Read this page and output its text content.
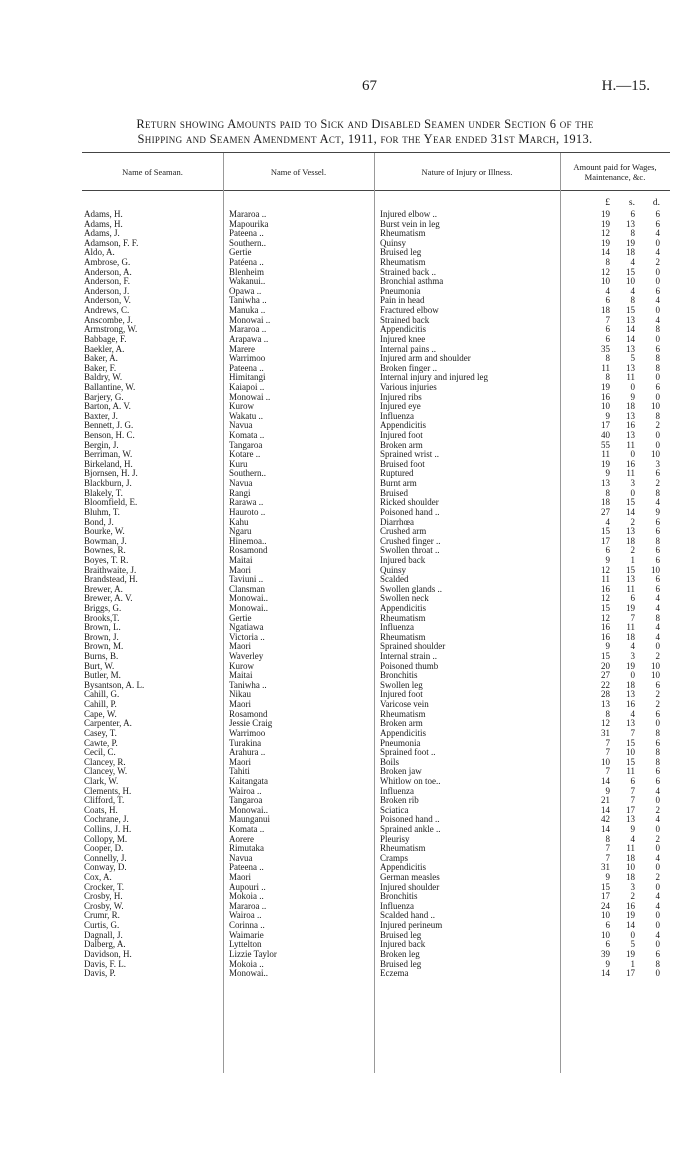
67	H.—15.
Return showing Amounts paid to Sick and Disabled Seamen under Section 6 of the
Shipping and Seamen Amendment Act, 1911, for the Year ended 31st March, 1913.
Name of Seaman.	Name of Vessel.	Nature of Injury or Illness.	Amount paid for Wages, Maintenance, &c.
£	s.	d.
Adams, H.	Mararoa ..	Injured elbow ..	19	6	6
Adams, H.	Mapourika	Burst vein in leg	19	13	6
Adams, J.	Pateena ..	Rheumatism	12	8	4
Adamson, F. F.	Southern..	Quinsy	19	19	0
Aldo, A.	Gertie	Bruised leg	14	18	4
Ambrose, G.	Patéena ..	Rheumatism	8	4	2
Anderson, A.	Blenheim	Strained back ..	12	15	0
Anderson, F.	Wakanui..	Bronchial asthma	10	10	0
Anderson, J.	Opawa ..	Pneumonia	4	4	6
Anderson, V.	Taniwha ..	Pain in head	6	8	4
Andrews, C.	Manuka ..	Fractured elbow	18	15	0
Anscombe, J.	Monowai ..	Strained back	7	13	4
Armstrong, W.	Mararoa ..	Appendicitis	6	14	8
Babbage, F.	Arapawa ..	Injured knee	6	14	0
Baekler, A.	Marere	Internal pains ..	35	13	6
Baker, A.	Warrimoo	Injured arm and shoulder	8	5	8
Baker, F.	Pateena ..	Broken finger ..	11	13	8
Baldry, W.	Himitangi	Internal injury and injured leg	8	11	0
Ballantine, W.	Kaiapoi ..	Various injuries	19	0	6
Barjery, G.	Monowai ..	Injured ribs	16	9	0
Barton, A. V.	Kurow	Injured eye	10	18	10
Baxter, J.	Wakatu ..	Influenza	9	13	8
Bennett, J. G.	Navua	Appendicitis	17	16	2
Benson, H. C.	Komata ..	Injured foot	40	13	0
Bergin, J.	Tangaroa	Broken arm	55	11	0
Berriman, W.	Kotare ..	Sprained wrist ..	11	0	10
Birkeland, H.	Kuru	Bruised foot	19	16	3
Bjornsen, H. J.	Southern..	Ruptured	9	11	6
Blackburn, J.	Navua	Burnt arm	13	3	2
Blakely, T.	Rangi	Bruised	8	0	8
Bloomfield, E.	Rarawa ..	Ricked shoulder	18	15	4
Bluhm, T.	Hauroto ..	Poisoned hand ..	27	14	9
Bond, J.	Kahu	Diarrhœa	4	2	6
Bourke, W.	Ngaru	Crushed arm	15	13	6
Bowman, J.	Hinemoa..	Crushed finger ..	17	18	8
Bownes, R.	Rosamond	Swollen throat ..	6	2	6
Boyes, T. R.	Maitai	Injured back	9	1	6
Braithwaite, J.	Maori	Quinsy	12	15	10
Brandstead, H.	Taviuni ..	Scalded	11	13	6
Brewer, A.	Clansman	Swollen glands ..	16	11	6
Brewer, A. V.	Monowai..	Swollen neck	12	6	4
Briggs, G.	Monowai..	Appendicitis	15	19	4
Brooks,T.	Gertie	Rheumatism	12	7	8
Brown, L.	Ngatiawa	Influenza	16	11	4
Brown, J.	Victoria ..	Rheumatism	16	18	4
Brown, M.	Maori	Sprained shoulder	9	4	0
Burns, B.	Waverley	Internal strain ..	15	3	2
Burt, W.	Kurow	Poisoned thumb	20	19	10
Butler, M.	Maitai	Bronchitis	27	0	10
Bysantson, A. L.	Taniwha ..	Swollen leg	22	18	6
Cahill, G.	Nikau	Injured foot	28	13	2
Cahill, P.	Maori	Varicose vein	13	16	2
Cape, W.	Rosamond	Rheumatism	8	4	6
Carpenter, A.	Jessie Craig	Broken arm	12	13	0
Casey, T.	Warrimoo	Appendicitis	31	7	8
Cawte, P.	Turakina	Pneumonia	7	15	6
Cecil, C.	Arahura ..	Sprained foot ..	7	10	8
Clancey, R.	Maori	Boils	10	15	8
Clancey, W.	Tahiti	Broken jaw	7	11	6
Clark, W.	Kaitangata	Whitlow on toe..	14	6	6
Clements, H.	Wairoa ..	Influenza	9	7	4
Clifford, T.	Tangaroa	Broken rib	21	7	0
Coats, H.	Monowai..	Sciatica	14	17	2
Cochrane, J.	Maunganui	Poisoned hand ..	42	13	4
Collins, J. H.	Komata ..	Sprained ankle ..	14	9	0
Collopy, M.	Aorere	Pleurisy	8	4	2
Cooper, D.	Rimutaka	Rheumatism	7	11	0
Connelly, J.	Navua	Cramps	7	18	4
Conway, D.	Pateena ..	Appendicitis	31	10	0
Cox, A.	Maori	German measles	9	18	2
Crocker, T.	Aupouri ..	Injured shoulder	15	3	0
Crosby, H.	Mokoia ..	Bronchitis	17	2	4
Crosby, W.	Mararoa ..	Influenza	24	16	4
Crumr, R.	Wairoa ..	Scalded hand ..	10	19	0
Curtis, G.	Corinna ..	Injured perineum	6	14	0
Dagnall, J.	Waimarie	Bruised leg	10	0	4
Dalberg, A.	Lyttelton	Injured back	6	5	0
Davidson, H.	Lizzie Taylor	Broken leg	39	19	6
Davis, F. L.	Mokoia ..	Bruised leg	9	1	8
Davis, P.	Monowai..	Eczema	14	17	0
